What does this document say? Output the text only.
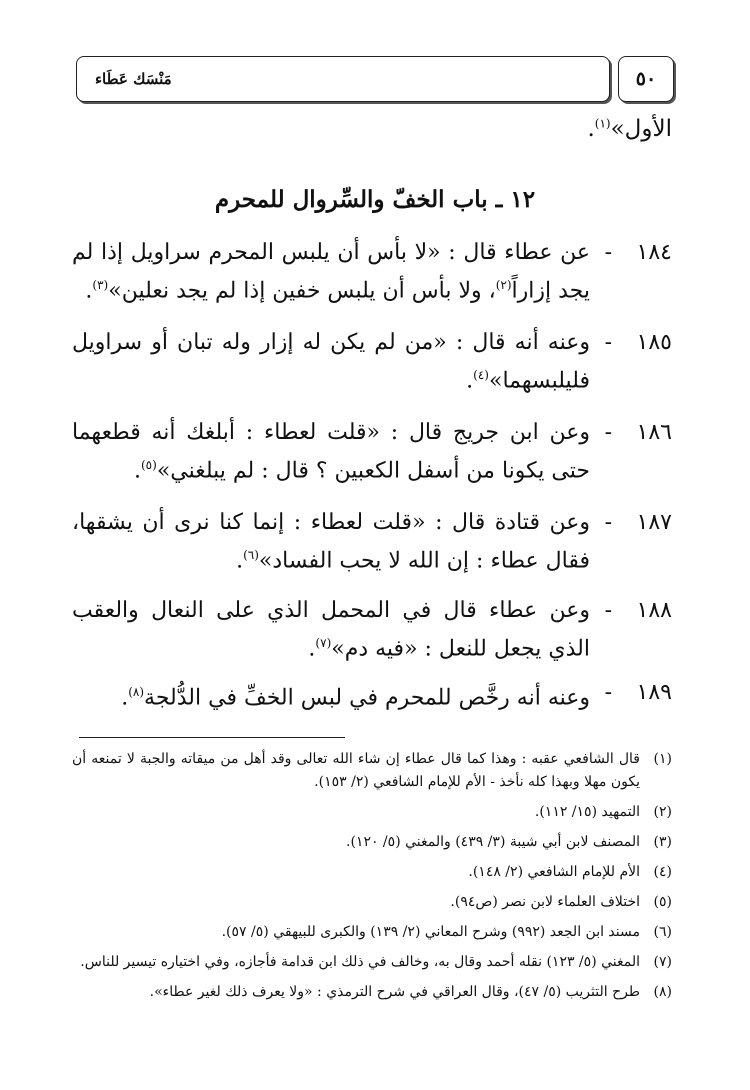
٥٠
مَنْسَك عَطَاء
الأول»$^{(١)}$.
١٢ ـ باب الخفّ والسِّروال للمحرم
١٨٤
-
عن عطاء قال : «لا بأس أن يلبس المحرم سراويل إذا لم يجد إزاراً$^{(٢)}$، ولا بأس أن يلبس خفين إذا لم يجد نعلين»$^{(٣)}$.
١٨٥
-
وعنه أنه قال : «من لم يكن له إزار وله تبان أو سراويل فليلبسهما»$^{(٤)}$.
١٨٦
-
وعن ابن جريج قال : «قلت لعطاء : أبلغك أنه قطعهما حتى يكونا من أسفل الكعبين ؟ قال : لم يبلغني»$^{(٥)}$.
١٨٧
-
وعن قتادة قال : «قلت لعطاء : إنما كنا نرى أن يشقها، فقال عطاء : إن الله لا يحب الفساد»$^{(٦)}$.
١٨٨
-
وعن عطاء قال في المحمل الذي على النعال والعقب الذي يجعل للنعل : «فيه دم»$^{(٧)}$.
١٨٩
-
وعنه أنه رخَّص للمحرم في لبس الخفِّ في الدُّلجة$^{(٨)}$.
(١)
قال الشافعي عقبه : وهذا كما قال عطاء إن شاء الله تعالى وقد أهل من ميقاته والجبة لا تمنعه أن يكون مهلا وبهذا كله نأخذ - الأم للإمام الشافعي (٢/ ١٥٣).
(٢)
التمهيد (١٥/ ١١٢).
(٣)
المصنف لابن أبي شيبة (٣/ ٤٣٩) والمغني (٥/ ١٢٠).
(٤)
الأم للإمام الشافعي (٢/ ١٤٨).
(٥)
اختلاف العلماء لابن نصر (ص٩٤).
(٦)
مسند ابن الجعد (٩٩٢) وشرح المعاني (٢/ ١٣٩) والكبرى للبيهقي (٥/ ٥٧).
(٧)
المغني (٥/ ١٢٣) نقله أحمد وقال به، وخالف في ذلك ابن قدامة فأجازه، وفي اختياره تيسير للناس.
(٨)
طرح التثريب (٥/ ٤٧)، وقال العراقي في شرح الترمذي : «ولا يعرف ذلك لغير عطاء».
